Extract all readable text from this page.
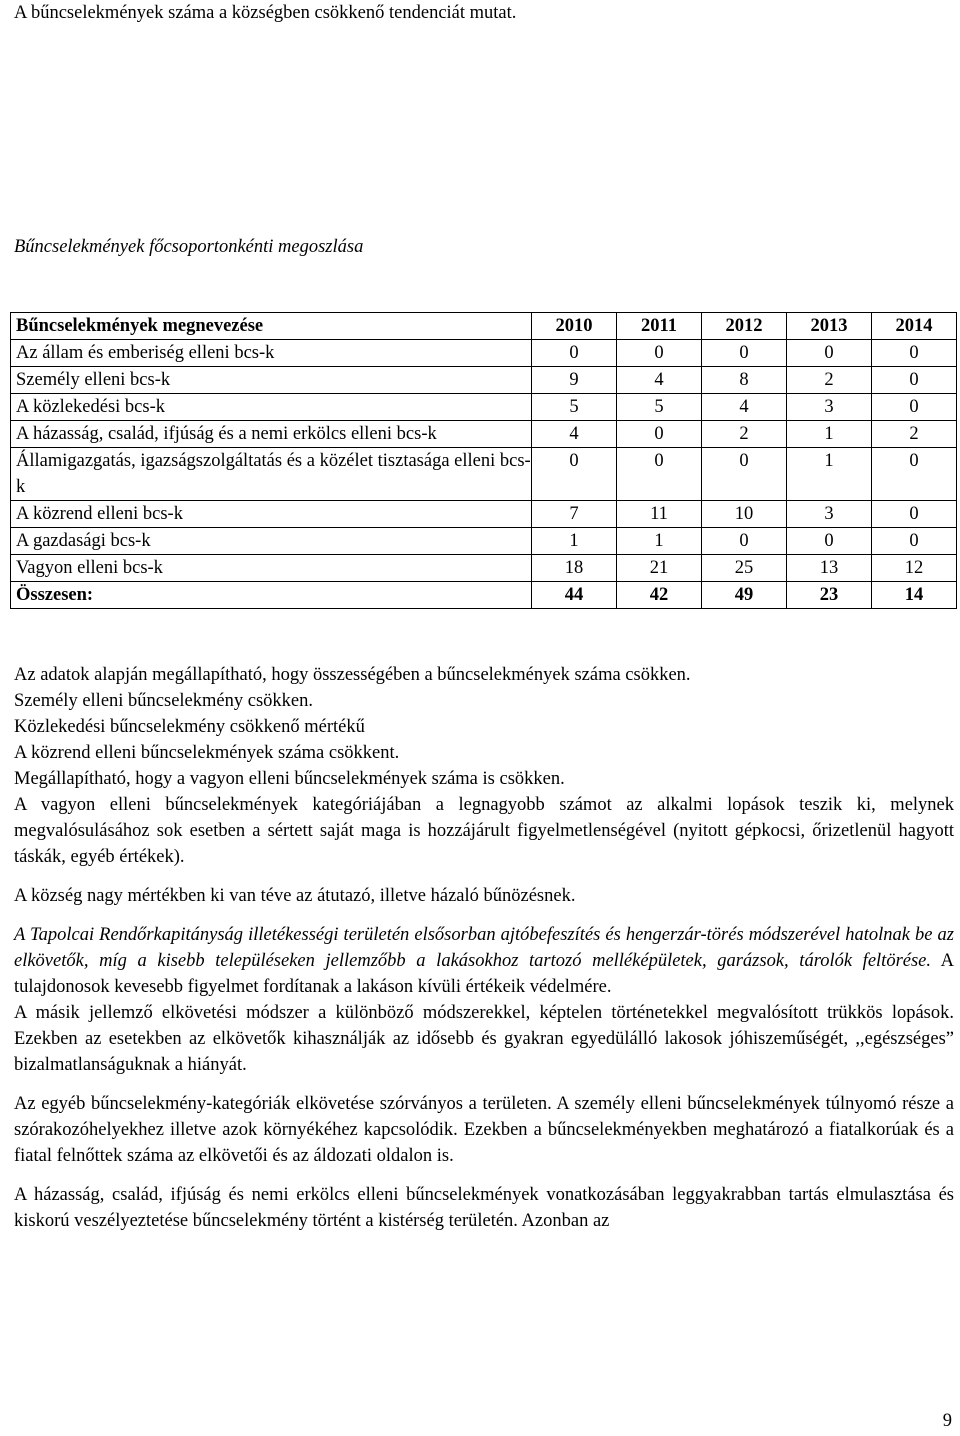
A bűncselekmények száma a községben csökkenő tendenciát mutat.
Bűncselekmények főcsoportonkénti megoszlása
Bűncselekmények megnevezése	2010	2011	2012	2013	2014
Az állam és emberiség elleni bcs-k	0	0	0	0	0
Személy elleni bcs-k	9	4	8	2	0
A közlekedési bcs-k	5	5	4	3	0
A házasság, család, ifjúság és a nemi erkölcs elleni bcs-k	4	0	2	1	2
Államigazgatás, igazságszolgáltatás és a közélet tisztasága elleni bcs-k	0	0	0	1	0
A közrend elleni bcs-k	7	11	10	3	0
A gazdasági bcs-k	1	1	0	0	0
Vagyon elleni bcs-k	18	21	25	13	12
Összesen:	44	42	49	23	14

Az adatok alapján megállapítható, hogy összességében a bűncselekmények száma csökken.

Személy elleni bűncselekmény csökken.

Közlekedési bűncselekmény csökkenő mértékű

A közrend elleni bűncselekmények száma csökkent.

Megállapítható, hogy a vagyon elleni bűncselekmények száma is csökken.

A vagyon elleni bűncselekmények kategóriájában a legnagyobb számot az alkalmi lopások teszik ki, melynek megvalósulásához sok esetben a sértett saját maga is hozzájárult figyelmetlenségével (nyitott gépkocsi, őrizetlenül hagyott táskák, egyéb értékek).

A község nagy mértékben ki van téve az átutazó, illetve házaló bűnözésnek.

A Tapolcai Rendőrkapitányság illetékességi területén elsősorban ajtóbefeszítés és hengerzár-törés módszerével hatolnak be az elkövetők, míg a kisebb településeken jellemzőbb a lakásokhoz tartozó melléképületek, garázsok, tárolók feltörése. A tulajdonosok kevesebb figyelmet fordítanak a lakáson kívüli értékeik védelmére.

A másik jellemző elkövetési módszer a különböző módszerekkel, képtelen történetekkel megvalósított trükkös lopások. Ezekben az esetekben az elkövetők kihasználják az idősebb és gyakran egyedülálló lakosok jóhiszeműségét, ,,egészséges” bizalmatlanságuknak a hiányát.

Az egyéb bűncselekmény-kategóriák elkövetése szórványos a területen. A személy elleni bűncselekmények túlnyomó része a szórakozóhelyekhez illetve azok környékéhez kapcsolódik. Ezekben a bűncselekményekben meghatározó a fiatalkorúak és a fiatal felnőttek száma az elkövetői és az áldozati oldalon is.

A házasság, család, ifjúság és nemi erkölcs elleni bűncselekmények vonatkozásában leggyakrabban tartás elmulasztása és kiskorú veszélyeztetése bűncselekmény történt a kistérség területén. Azonban az

9
